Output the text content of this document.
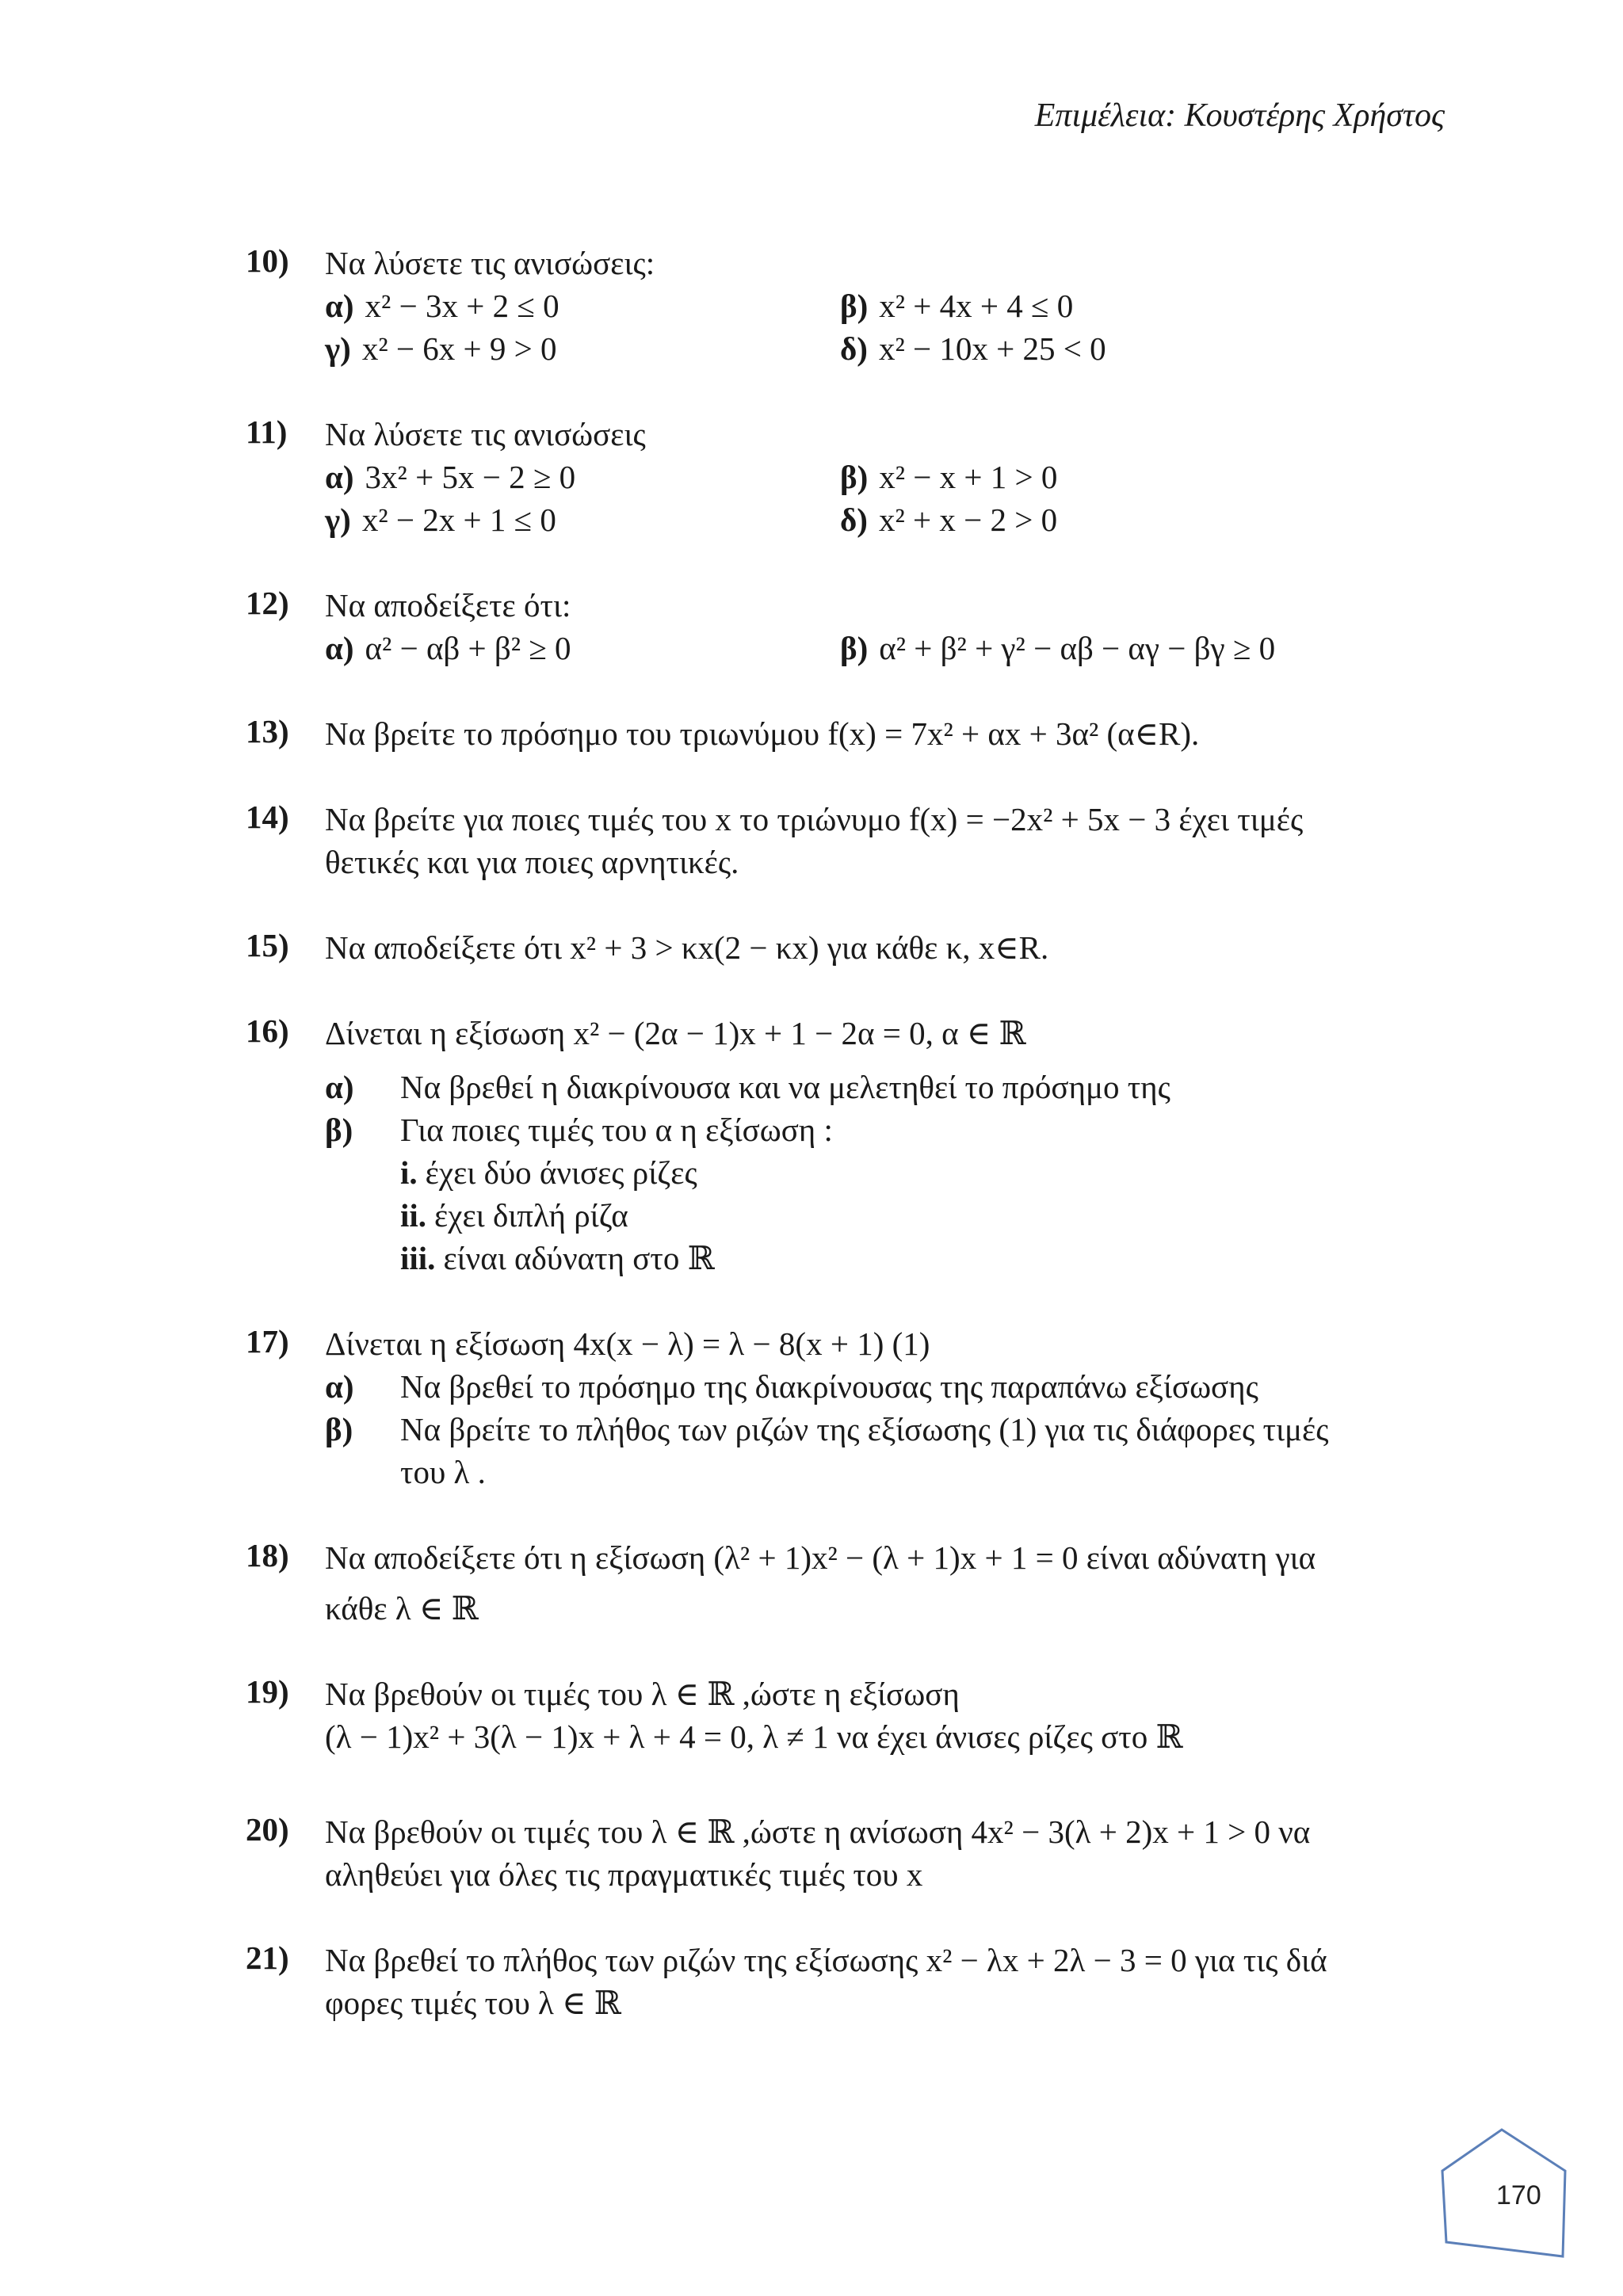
Επιμέλεια: Κουστέρης Χρήστος
10)	Να λύσετε τις ανισώσεις:
α) x² − 3x + 2 ≤ 0	β) x² + 4x + 4 ≤ 0
γ) x² − 6x + 9 > 0	δ) x² − 10x + 25 < 0
11)	Να λύσετε τις ανισώσεις
α) 3x² + 5x − 2 ≥ 0	β) x² − x + 1 > 0
γ) x² − 2x + 1 ≤ 0	δ) x² + x − 2 > 0
12)	Να αποδείξετε ότι:
α) α² − αβ + β² ≥ 0	β) α² + β² + γ² − αβ − αγ − βγ ≥ 0
13)	Να βρείτε το πρόσημο του τριωνύμου f(x) = 7x² + αx + 3α² (α∈R).
14)	Να βρείτε για ποιες τιμές του x το τριώνυμο f(x) = −2x² + 5x − 3 έχει τιμές
θετικές και για ποιες αρνητικές.
15)	Να αποδείξετε ότι x² + 3 > κx(2 − κx) για κάθε κ, x∈R.
16)	Δίνεται η εξίσωση x² − (2α − 1)x + 1 − 2α = 0, α ∈ ℝ
α) Να βρεθεί η διακρίνουσα και να μελετηθεί το πρόσημο της
β) Για ποιες τιμές του α η εξίσωση :
i. έχει δύο άνισες ρίζες
ii. έχει διπλή ρίζα
iii. είναι αδύνατη στο ℝ
17)	Δίνεται η εξίσωση 4x(x − λ) = λ − 8(x + 1) (1)
α) Να βρεθεί το πρόσημο της διακρίνουσας της παραπάνω εξίσωσης
β) Να βρείτε το πλήθος των ριζών της εξίσωσης (1) για τις διάφορες τιμές
του λ .
18)	Να αποδείξετε ότι η εξίσωση (λ² + 1)x² − (λ + 1)x + 1 = 0 είναι αδύνατη για
κάθε λ ∈ ℝ
19)	Να βρεθούν οι τιμές του λ ∈ ℝ ,ώστε η εξίσωση
(λ − 1)x² + 3(λ − 1)x + λ + 4 = 0, λ ≠ 1 να έχει άνισες ρίζες στο ℝ
20)	Να βρεθούν οι τιμές του λ ∈ ℝ ,ώστε η ανίσωση 4x² − 3(λ + 2)x + 1 > 0 να
αληθεύει για όλες τις πραγματικές τιμές του x
21)	Να βρεθεί το πλήθος των ριζών της εξίσωσης x² − λx + 2λ − 3 = 0 για τις διά
φορες τιμές του λ ∈ ℝ
170
